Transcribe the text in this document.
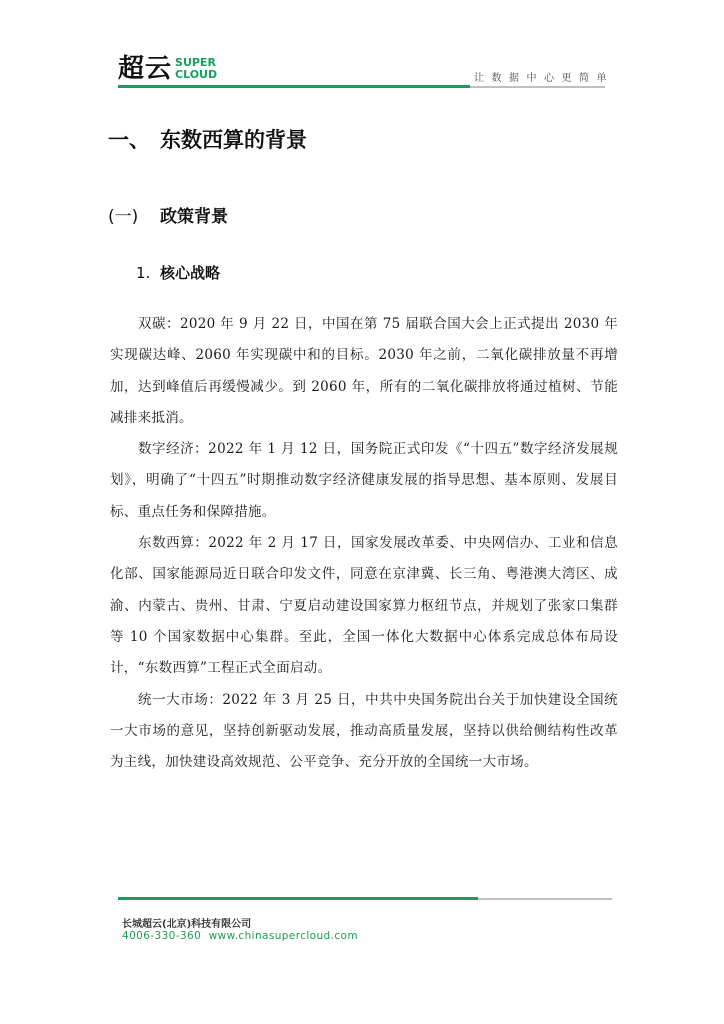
超云 SUPER
CLOUD	让数据中心更简单
一、 东数西算的背景
(一) 政策背景
1. 核心战略

双碳：2020 年 9 月 22 日，中国在第 75 届联合国大会上正式提出 2030 年实现碳达峰、2060 年实现碳中和的目标。2030 年之前，二氧化碳排放量不再增加，达到峰值后再缓慢减少。到 2060 年，所有的二氧化碳排放将通过植树、节能减排来抵消。

数字经济：2022 年 1 月 12 日，国务院正式印发《“十四五”数字经济发展规划》，明确了“十四五”时期推动数字经济健康发展的指导思想、基本原则、发展目标、重点任务和保障措施。

东数西算：2022 年 2 月 17 日，国家发展改革委、中央网信办、工业和信息化部、国家能源局近日联合印发文件，同意在京津冀、长三角、粤港澳大湾区、成渝、内蒙古、贵州、甘肃、宁夏启动建设国家算力枢纽节点，并规划了张家口集群等 10 个国家数据中心集群。至此，全国一体化大数据中心体系完成总体布局设计，“东数西算”工程正式全面启动。

统一大市场：2022 年 3 月 25 日，中共中央国务院出台关于加快建设全国统一大市场的意见，坚持创新驱动发展，推动高质量发展，坚持以供给侧结构性改革为主线，加快建设高效规范、公平竞争、充分开放的全国统一大市场。

长城超云(北京)科技有限公司
4006-330-360 www.chinasupercloud.com
